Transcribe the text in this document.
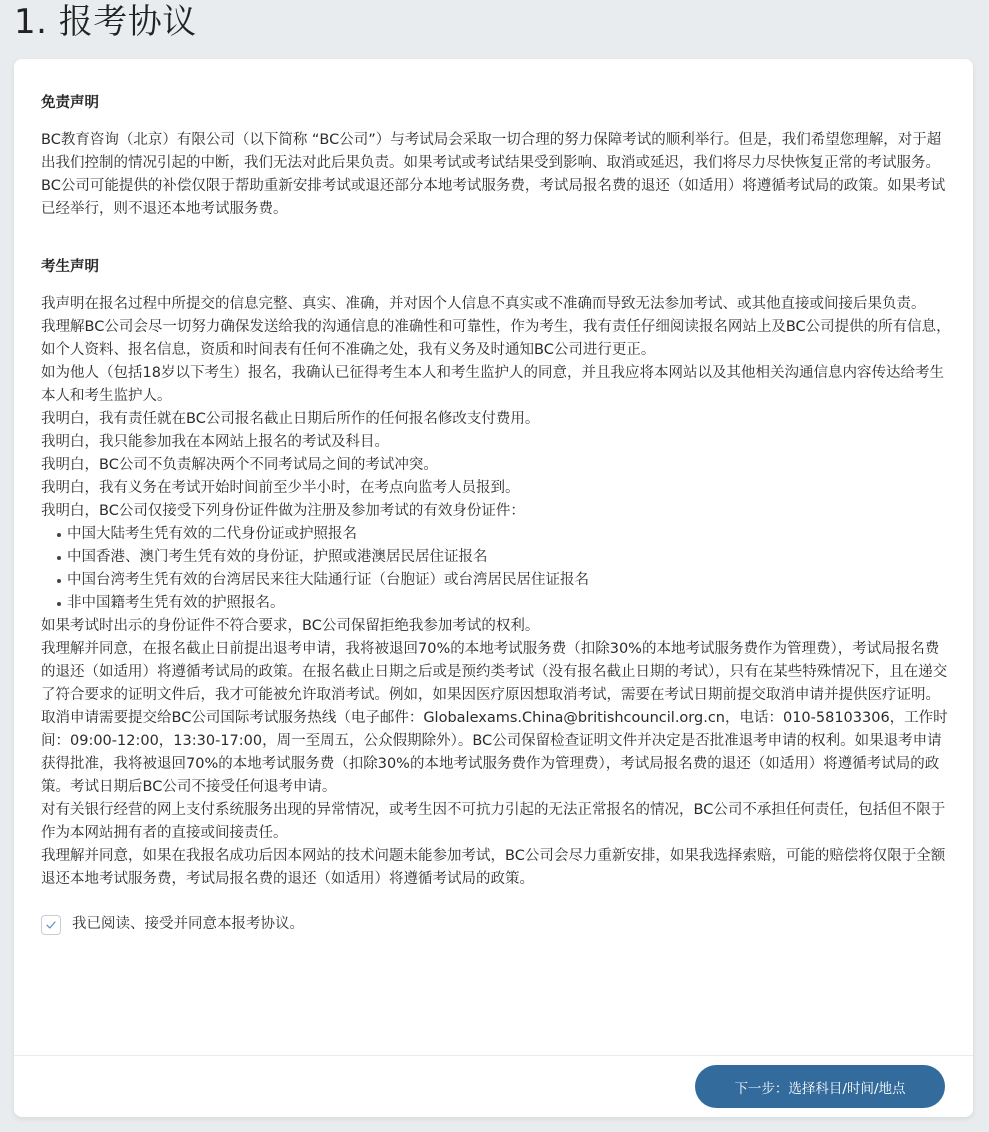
1. 报考协议
免责声明

BC教育咨询（北京）有限公司（以下简称 “BC公司”）与考试局会采取一切合理的努力保障考试的顺利举行。但是，我们希望您理解，对于超出我们控制的情况引起的中断，我们无法对此后果负责。如果考试或考试结果受到影响、取消或延迟，我们将尽力尽快恢复正常的考试服务。BC公司可能提供的补偿仅限于帮助重新安排考试或退还部分本地考试服务费，考试局报名费的退还（如适用）将遵循考试局的政策。如果考试已经举行，则不退还本地考试服务费。

考生声明

我声明在报名过程中所提交的信息完整、真实、准确，并对因个人信息不真实或不准确而导致无法参加考试、或其他直接或间接后果负责。

我理解BC公司会尽一切努力确保发送给我的沟通信息的准确性和可靠性，作为考生，我有责任仔细阅读报名网站上及BC公司提供的所有信息，如个人资料、报名信息，资质和时间表有任何不准确之处，我有义务及时通知BC公司进行更正。

如为他人（包括18岁以下考生）报名，我确认已征得考生本人和考生监护人的同意，并且我应将本网站以及其他相关沟通信息内容传达给考生本人和考生监护人。

我明白，我有责任就在BC公司报名截止日期后所作的任何报名修改支付费用。

我明白，我只能参加我在本网站上报名的考试及科目。

我明白，BC公司不负责解决两个不同考试局之间的考试冲突。

我明白，我有义务在考试开始时间前至少半小时，在考点向监考人员报到。

我明白，BC公司仅接受下列身份证件做为注册及参加考试的有效身份证件：

中国大陆考生凭有效的二代身份证或护照报名
中国香港、澳门考生凭有效的身份证，护照或港澳居民居住证报名
中国台湾考生凭有效的台湾居民来往大陆通行证（台胞证）或台湾居民居住证报名
非中国籍考生凭有效的护照报名。

如果考试时出示的身份证件不符合要求，BC公司保留拒绝我参加考试的权利。

我理解并同意，在报名截止日前提出退考申请，我将被退回70%的本地考试服务费（扣除30%的本地考试服务费作为管理费），考试局报名费的退还（如适用）将遵循考试局的政策。在报名截止日期之后或是预约类考试（没有报名截止日期的考试），只有在某些特殊情况下，且在递交了符合要求的证明文件后，我才可能被允许取消考试。例如，如果因医疗原因想取消考试，需要在考试日期前提交取消申请并提供医疗证明。取消申请需要提交给BC公司国际考试服务热线（电子邮件：Globalexams.China@britishcouncil.org.cn，电话：010-58103306，工作时间：09:00-12:00，13:30-17:00，周一至周五，公众假期除外）。BC公司保留检查证明文件并决定是否批准退考申请的权利。如果退考申请获得批准，我将被退回70%的本地考试服务费（扣除30%的本地考试服务费作为管理费），考试局报名费的退还（如适用）将遵循考试局的政策。考试日期后BC公司不接受任何退考申请。

对有关银行经营的网上支付系统服务出现的异常情况，或考生因不可抗力引起的无法正常报名的情况，BC公司不承担任何责任，包括但不限于作为本网站拥有者的直接或间接责任。

我理解并同意，如果在我报名成功后因本网站的技术问题未能参加考试，BC公司会尽力重新安排，如果我选择索赔，可能的赔偿将仅限于全额退还本地考试服务费，考试局报名费的退还（如适用）将遵循考试局的政策。

我已阅读、接受并同意本报考协议。
下一步：选择科目/时间/地点
